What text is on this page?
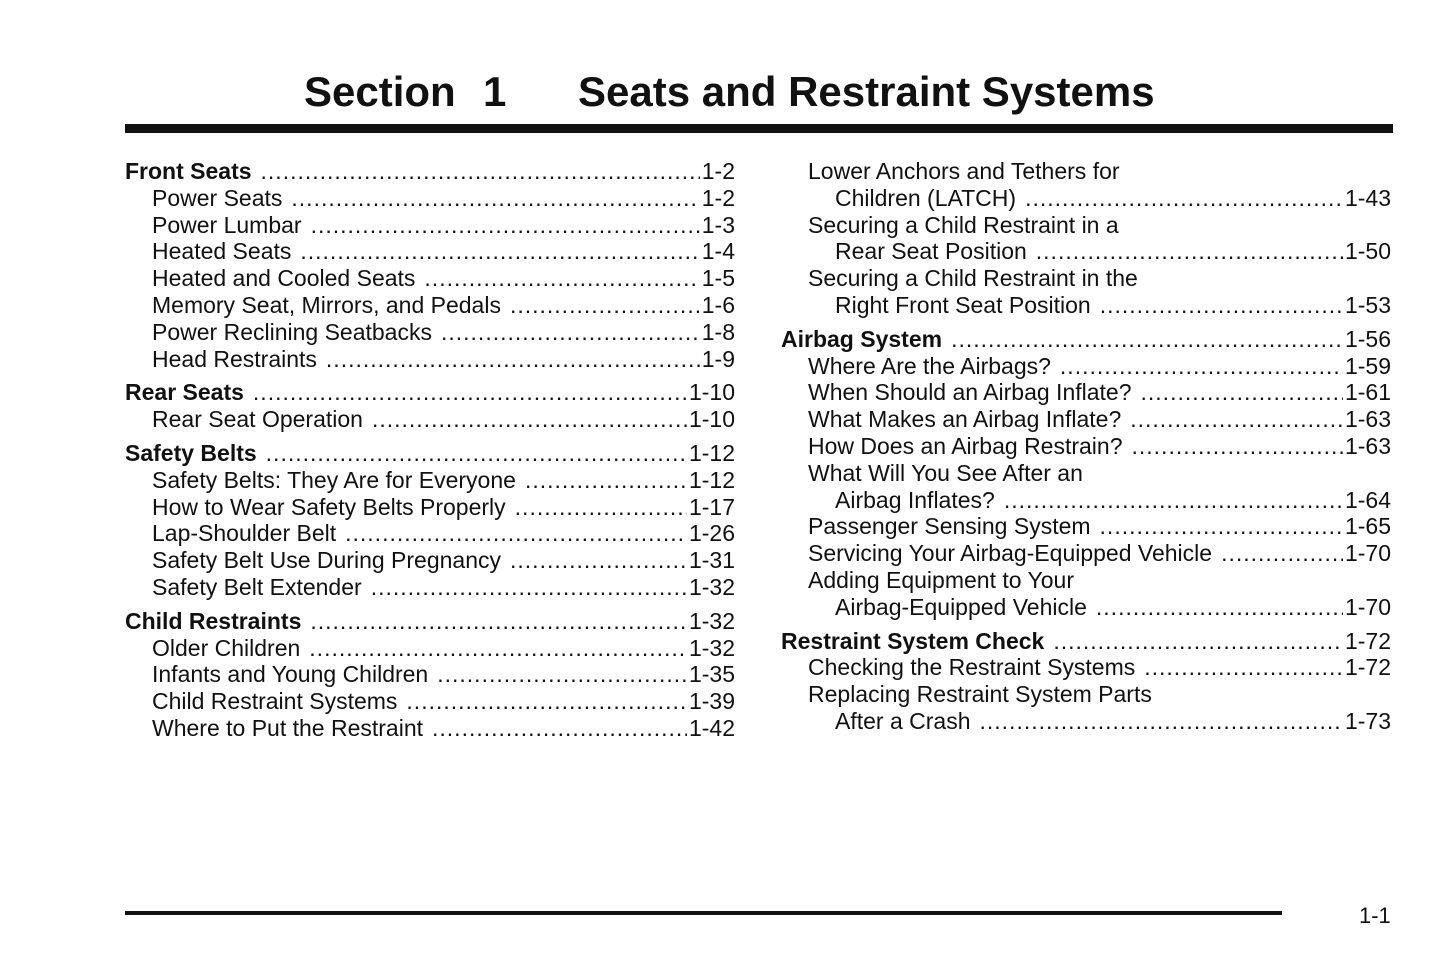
Section 1 Seats and Restraint Systems
Front Seats .....	1-2
Power Seats .....	1-2
Power Lumbar .....	1-3
Heated Seats .....	1-4
Heated and Cooled Seats .....	1-5
Memory Seat, Mirrors, and Pedals .....	1-6
Power Reclining Seatbacks .....	1-8
Head Restraints .....	1-9
Rear Seats .....	1-10
Rear Seat Operation .....	1-10
Safety Belts .....	1-12
Safety Belts: They Are for Everyone .....	1-12
How to Wear Safety Belts Properly .....	1-17
Lap-Shoulder Belt .....	1-26
Safety Belt Use During Pregnancy .....	1-31
Safety Belt Extender .....	1-32
Child Restraints .....	1-32
Older Children .....	1-32
Infants and Young Children .....	1-35
Child Restraint Systems .....	1-39
Where to Put the Restraint .....	1-42
Lower Anchors and Tethers for
Children (LATCH) .....	1-43
Securing a Child Restraint in a
Rear Seat Position .....	1-50
Securing a Child Restraint in the
Right Front Seat Position .....	1-53
Airbag System .....	1-56
Where Are the Airbags? .....	1-59
When Should an Airbag Inflate? .....	1-61
What Makes an Airbag Inflate? .....	1-63
How Does an Airbag Restrain? .....	1-63
What Will You See After an
Airbag Inflates? .....	1-64
Passenger Sensing System .....	1-65
Servicing Your Airbag-Equipped Vehicle .....	1-70
Adding Equipment to Your
Airbag-Equipped Vehicle .....	1-70
Restraint System Check .....	1-72
Checking the Restraint Systems .....	1-72
Replacing Restraint System Parts
After a Crash .....	1-73
1-1
